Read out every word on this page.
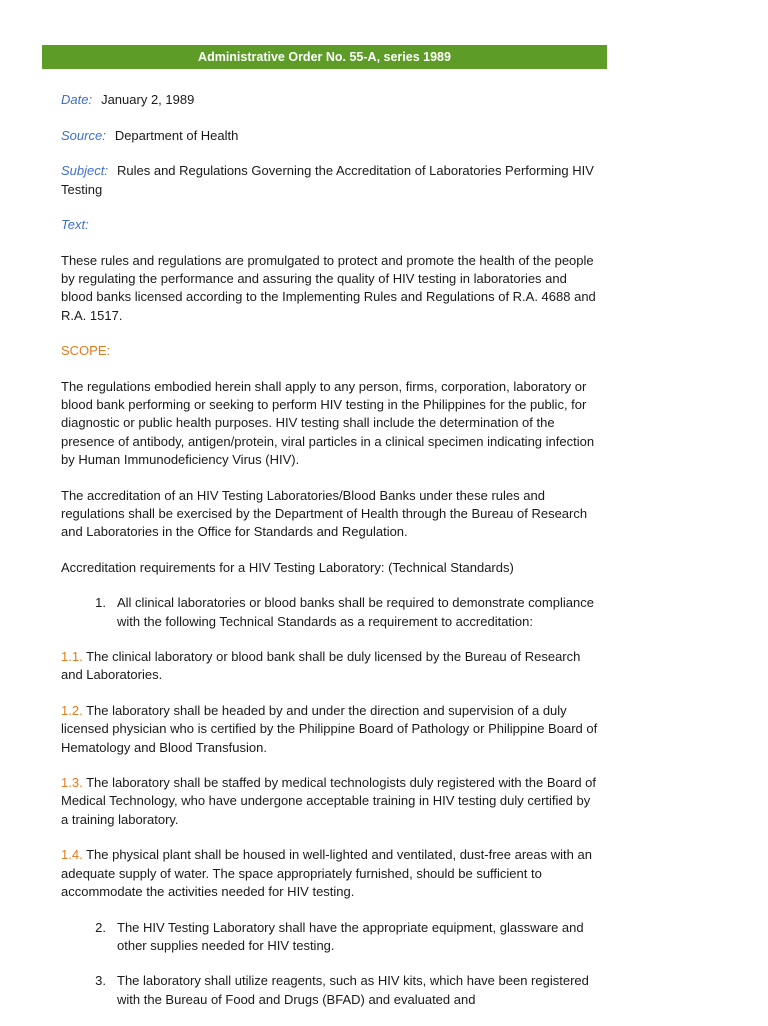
Administrative Order No. 55-A, series 1989
Date: January 2, 1989
Source: Department of Health
Subject: Rules and Regulations Governing the Accreditation of Laboratories Performing HIV Testing
Text:

These rules and regulations are promulgated to protect and promote the health of the people by regulating the performance and assuring the quality of HIV testing in laboratories and blood banks licensed according to the Implementing Rules and Regulations of R.A. 4688 and R.A. 1517.

SCOPE:

The regulations embodied herein shall apply to any person, firms, corporation, laboratory or blood bank performing or seeking to perform HIV testing in the Philippines for the public, for diagnostic or public health purposes. HIV testing shall include the determination of the presence of antibody, antigen/protein, viral particles in a clinical specimen indicating infection by Human Immunodeficiency Virus (HIV).

The accreditation of an HIV Testing Laboratories/Blood Banks under these rules and regulations shall be exercised by the Department of Health through the Bureau of Research and Laboratories in the Office for Standards and Regulation.

Accreditation requirements for a HIV Testing Laboratory: (Technical Standards)

1. All clinical laboratories or blood banks shall be required to demonstrate compliance with the following Technical Standards as a requirement to accreditation:

1.1. The clinical laboratory or blood bank shall be duly licensed by the Bureau of Research and Laboratories.

1.2. The laboratory shall be headed by and under the direction and supervision of a duly licensed physician who is certified by the Philippine Board of Pathology or Philippine Board of Hematology and Blood Transfusion.

1.3. The laboratory shall be staffed by medical technologists duly registered with the Board of Medical Technology, who have undergone acceptable training in HIV testing duly certified by a training laboratory.

1.4. The physical plant shall be housed in well-lighted and ventilated, dust-free areas with an adequate supply of water. The space appropriately furnished, should be sufficient to accommodate the activities needed for HIV testing.

2. The HIV Testing Laboratory shall have the appropriate equipment, glassware and other supplies needed for HIV testing.
3. The laboratory shall utilize reagents, such as HIV kits, which have been registered with the Bureau of Food and Drugs (BFAD) and evaluated and
